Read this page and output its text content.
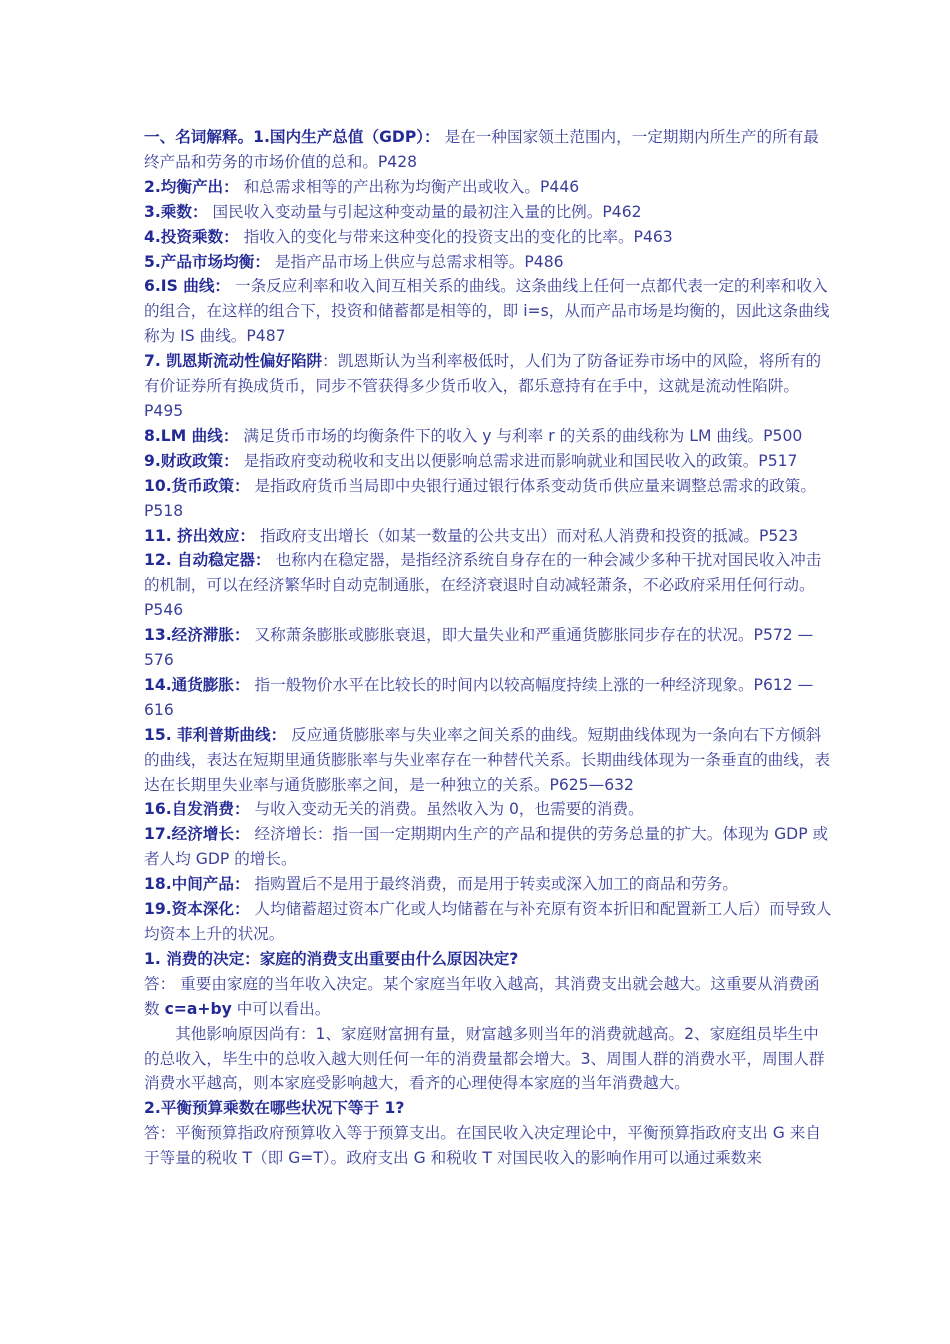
一、名词解释。1.国内生产总值（GDP）： 是在一种国家领土范围内，一定期期内所生产的所有最终产品和劳务的市场价值的总和。P428

2.均衡产出： 和总需求相等的产出称为均衡产出或收入。P446

3.乘数： 国民收入变动量与引起这种变动量的最初注入量的比例。P462

4.投资乘数： 指收入的变化与带来这种变化的投资支出的变化的比率。P463

5.产品市场均衡： 是指产品市场上供应与总需求相等。P486

6.IS 曲线： 一条反应利率和收入间互相关系的曲线。这条曲线上任何一点都代表一定的利率和收入的组合，在这样的组合下，投资和储蓄都是相等的，即 i=s，从而产品市场是均衡的，因此这条曲线称为 IS 曲线。P487

7. 凯恩斯流动性偏好陷阱：凯恩斯认为当利率极低时，人们为了防备证券市场中的风险，将所有的有价证券所有换成货币，同步不管获得多少货币收入，都乐意持有在手中，这就是流动性陷阱。P495

8.LM 曲线： 满足货币市场的均衡条件下的收入 y 与利率 r 的关系的曲线称为 LM 曲线。P500

9.财政政策： 是指政府变动税收和支出以便影响总需求进而影响就业和国民收入的政策。P517

10.货币政策： 是指政府货币当局即中央银行通过银行体系变动货币供应量来调整总需求的政策。P518

11. 挤出效应： 指政府支出增长（如某一数量的公共支出）而对私人消费和投资的抵减。P523

12. 自动稳定器： 也称内在稳定器，是指经济系统自身存在的一种会减少多种干扰对国民收入冲击的机制，可以在经济繁华时自动克制通胀，在经济衰退时自动减轻萧条，不必政府采用任何行动。P546

13.经济滞胀： 又称萧条膨胀或膨胀衰退，即大量失业和严重通货膨胀同步存在的状况。P572 — 576

14.通货膨胀： 指一般物价水平在比较长的时间内以较高幅度持续上涨的一种经济现象。P612 — 616

15. 菲利普斯曲线： 反应通货膨胀率与失业率之间关系的曲线。短期曲线体现为一条向右下方倾斜的曲线，表达在短期里通货膨胀率与失业率存在一种替代关系。长期曲线体现为一条垂直的曲线，表达在长期里失业率与通货膨胀率之间，是一种独立的关系。P625—632

16.自发消费： 与收入变动无关的消费。虽然收入为 0，也需要的消费。

17.经济增长： 经济增长：指一国一定期期内生产的产品和提供的劳务总量的扩大。体现为 GDP 或者人均 GDP 的增长。

18.中间产品： 指购置后不是用于最终消费，而是用于转卖或深入加工的商品和劳务。

19.资本深化： 人均储蓄超过资本广化或人均储蓄在与补充原有资本折旧和配置新工人后）而导致人均资本上升的状况。

1. 消费的决定：家庭的消费支出重要由什么原因决定?

答： 重要由家庭的当年收入决定。某个家庭当年收入越高，其消费支出就会越大。这重要从消费函数 c=a+by 中可以看出。

其他影响原因尚有：1、家庭财富拥有量，财富越多则当年的消费就越高。2、家庭组员毕生中的总收入，毕生中的总收入越大则任何一年的消费量都会增大。3、周围人群的消费水平，周围人群消费水平越高，则本家庭受影响越大，看齐的心理使得本家庭的当年消费越大。

2.平衡预算乘数在哪些状况下等于 1?

答：平衡预算指政府预算收入等于预算支出。在国民收入决定理论中，平衡预算指政府支出 G 来自于等量的税收 T（即 G=T）。政府支出 G 和税收 T 对国民收入的影响作用可以通过乘数来
